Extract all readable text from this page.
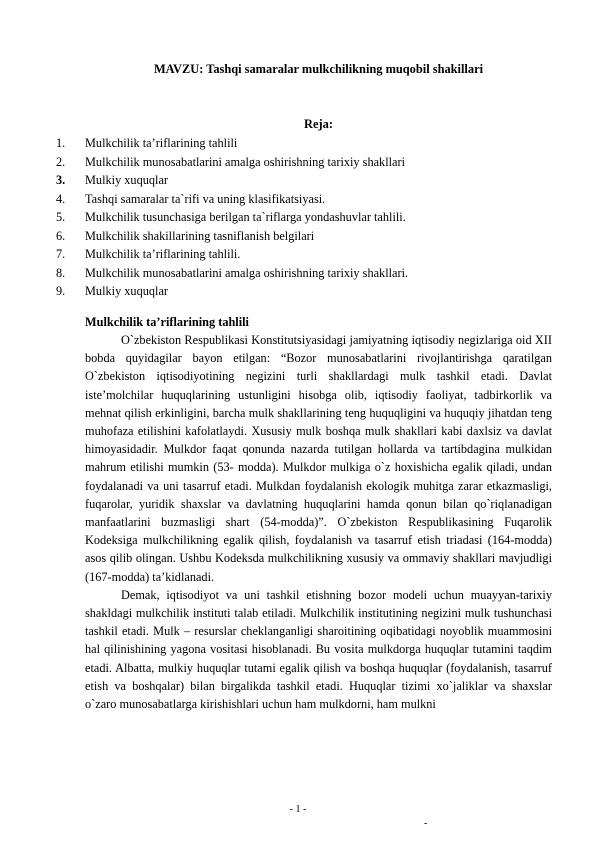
MAVZU: Tashqi samaralar mulkchilikning muqobil shakillari
Reja:
1.	Mulkchilik ta’riflarining tahlili
2.	Mulkchilik munosabatlarini amalga oshirishning tarixiy shakllari
3.	Mulkiy xuquqlar
4.	Tashqi samaralar ta`rifi va uning klasifikatsiyasi.
5.	Mulkchilik tusunchasiga berilgan ta`riflarga yondashuvlar tahlili.
6.	Mulkchilik shakillarining tasniflanish belgilari
7.	Mulkchilik ta’riflarining tahlili.
8.	Mulkchilik munosabatlarini amalga oshirishning tarixiy shakllari.
9.	Mulkiy xuquqlar
Mulkchilik ta’riflarining tahlili

O`zbekiston Respublikasi Konstitutsiyasidagi jamiyatning iqtisodiy negizlariga oid XII bobda quyidagilar bayon etilgan: “Bozor munosabatlarini rivojlantirishga qaratilgan O`zbekiston iqtisodiyotining negizini turli shakllardagi mulk tashkil etadi. Davlat iste’molchilar huquqlarining ustunligini hisobga olib, iqtisodiy faoliyat, tadbirkorlik va mehnat qilish erkinligini, barcha mulk shakllarining teng huquqligini va huquqiy jihatdan teng muhofaza etilishini kafolatlaydi. Xususiy mulk boshqa mulk shakllari kabi daxlsiz va davlat himoyasidadir. Mulkdor faqat qonunda nazarda tutilgan hollarda va tartibdagina mulkidan mahrum etilishi mumkin (53- modda). Mulkdor mulkiga o`z hoxishicha egalik qiladi, undan foydalanadi va uni tasarruf etadi. Mulkdan foydalanish ekologik muhitga zarar etkazmasligi, fuqarolar, yuridik shaxslar va davlatning huquqlarini hamda qonun bilan qo`riqlanadigan manfaatlarini buzmasligi shart (54-modda)”. O`zbekiston Respublikasining Fuqarolik Kodeksiga mulkchilikning egalik qilish, foydalanish va tasarruf etish triadasi (164-modda) asos qilib olingan. Ushbu Kodeksda mulkchilikning xususiy va ommaviy shakllari mavjudligi (167-modda) ta’kidlanadi.

Demak, iqtisodiyot va uni tashkil etishning bozor modeli uchun muayyan-tarixiy shakldagi mulkchilik instituti talab etiladi. Mulkchilik institutining negizini mulk tushunchasi tashkil etadi. Mulk – resurslar cheklanganligi sharoitining oqibatidagi noyoblik muammosini hal qilinishining yagona vositasi hisoblanadi. Bu vosita mulkdorga huquqlar tutamini taqdim etadi. Albatta, mulkiy huquqlar tutami egalik qilish va boshqa huquqlar (foydalanish, tasarruf etish va boshqalar) bilan birgalikda tashkil etadi. Huquqlar tizimi xo`jaliklar va shaxslar o`zaro munosabatlarga kirishishlari uchun ham mulkdorni, ham mulkni

- 1 -
-
